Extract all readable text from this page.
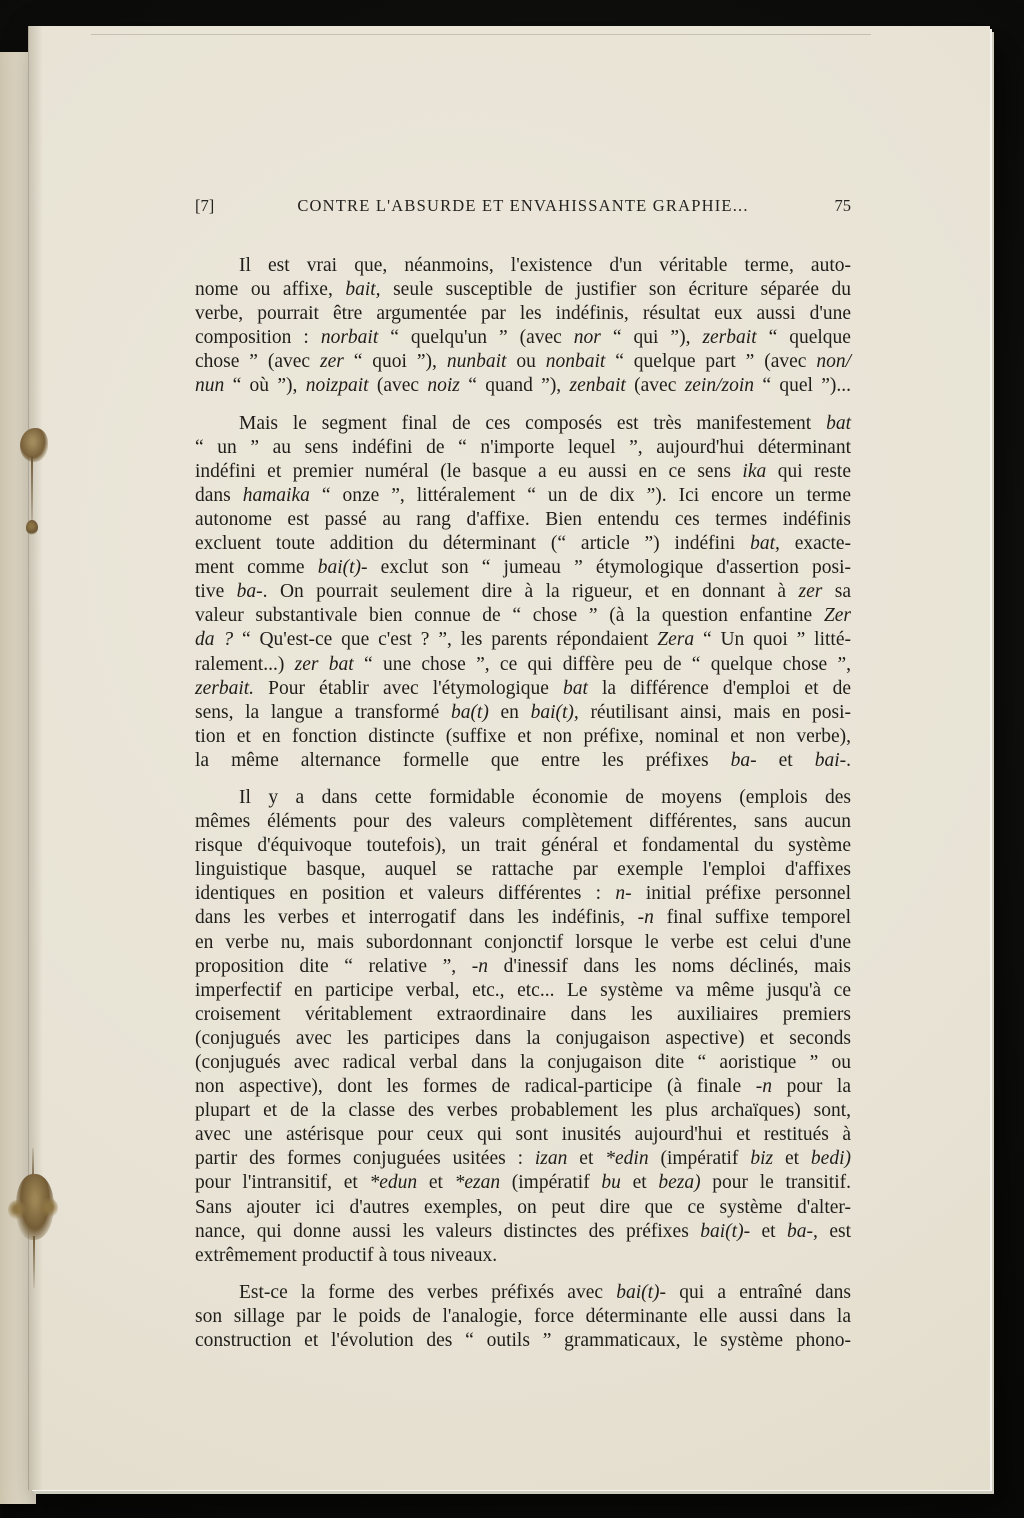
[7]	CONTRE L'ABSURDE ET ENVAHISSANTE GRAPHIE...	75
Il est vrai que, néanmoins, l'existence d'un véritable terme, auto-
nome ou affixe, bait, seule susceptible de justifier son écriture séparée du
verbe, pourrait être argumentée par les indéfinis, résultat eux aussi d'une
composition : norbait “ quelqu'un ” (avec nor “ qui ”), zerbait “ quelque
chose ” (avec zer “ quoi ”), nunbait ou nonbait “ quelque part ” (avec non/
nun “ où ”), noizpait (avec noiz “ quand ”), zenbait (avec zein/zoin “ quel ”)...
Mais le segment final de ces composés est très manifestement bat
“ un ” au sens indéfini de “ n'importe lequel ”, aujourd'hui déterminant
indéfini et premier numéral (le basque a eu aussi en ce sens ika qui reste
dans hamaika “ onze ”, littéralement “ un de dix ”). Ici encore un terme
autonome est passé au rang d'affixe. Bien entendu ces termes indéfinis
excluent toute addition du déterminant (“ article ”) indéfini bat, exacte-
ment comme bai(t)- exclut son “ jumeau ” étymologique d'assertion posi-
tive ba-. On pourrait seulement dire à la rigueur, et en donnant à zer sa
valeur substantivale bien connue de “ chose ” (à la question enfantine Zer
da ? “ Qu'est-ce que c'est ? ”, les parents répondaient Zera “ Un quoi ” litté-
ralement...) zer bat “ une chose ”, ce qui diffère peu de “ quelque chose ”,
zerbait. Pour établir avec l'étymologique bat la différence d'emploi et de
sens, la langue a transformé ba(t) en bai(t), réutilisant ainsi, mais en posi-
tion et en fonction distincte (suffixe et non préfixe, nominal et non verbe),
la même alternance formelle que entre les préfixes ba- et bai-.
Il y a dans cette formidable économie de moyens (emplois des
mêmes éléments pour des valeurs complètement différentes, sans aucun
risque d'équivoque toutefois), un trait général et fondamental du système
linguistique basque, auquel se rattache par exemple l'emploi d'affixes
identiques en position et valeurs différentes : n- initial préfixe personnel
dans les verbes et interrogatif dans les indéfinis, -n final suffixe temporel
en verbe nu, mais subordonnant conjonctif lorsque le verbe est celui d'une
proposition dite “ relative ”, -n d'inessif dans les noms déclinés, mais
imperfectif en participe verbal, etc., etc... Le système va même jusqu'à ce
croisement véritablement extraordinaire dans les auxiliaires premiers
(conjugués avec les participes dans la conjugaison aspective) et seconds
(conjugués avec radical verbal dans la conjugaison dite “ aoristique ” ou
non aspective), dont les formes de radical-participe (à finale -n pour la
plupart et de la classe des verbes probablement les plus archaïques) sont,
avec une astérisque pour ceux qui sont inusités aujourd'hui et restitués à
partir des formes conjuguées usitées : izan et *edin (impératif biz et bedi)
pour l'intransitif, et *edun et *ezan (impératif bu et beza) pour le transitif.
Sans ajouter ici d'autres exemples, on peut dire que ce système d'alter-
nance, qui donne aussi les valeurs distinctes des préfixes bai(t)- et ba-, est
extrêmement productif à tous niveaux.
Est-ce la forme des verbes préfixés avec bai(t)- qui a entraîné dans
son sillage par le poids de l'analogie, force déterminante elle aussi dans la
construction et l'évolution des “ outils ” grammaticaux, le système phono-
